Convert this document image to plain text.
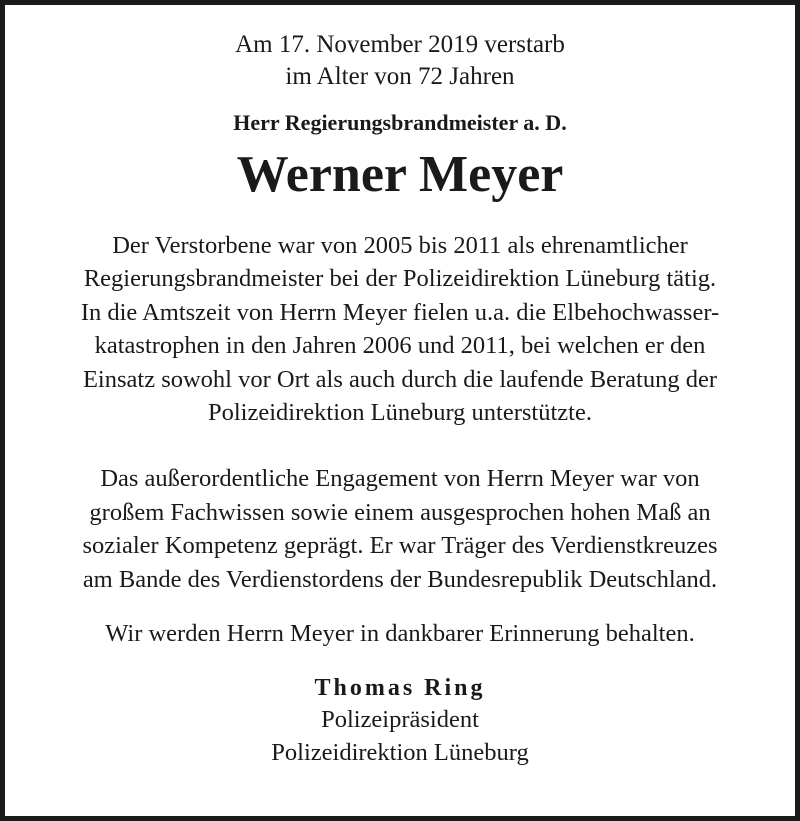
Am 17. November 2019 verstarb
im Alter von 72 Jahren
Herr Regierungsbrandmeister a. D.
Werner Meyer
Der Verstorbene war von 2005 bis 2011 als ehrenamtlicher
Regierungsbrandmeister bei der Polizeidirektion Lüneburg tätig.
In die Amtszeit von Herrn Meyer fielen u.a. die Elbehochwasser-
katastrophen in den Jahren 2006 und 2011, bei welchen er den
Einsatz sowohl vor Ort als auch durch die laufende Beratung der
Polizeidirektion Lüneburg unterstützte.
Das außerordentliche Engagement von Herrn Meyer war von
großem Fachwissen sowie einem ausgesprochen hohen Maß an
sozialer Kompetenz geprägt. Er war Träger des Verdienstkreuzes
am Bande des Verdienstordens der Bundesrepublik Deutschland.
Wir werden Herrn Meyer in dankbarer Erinnerung behalten.
Thomas Ring
Polizeipräsident
Polizeidirektion Lüneburg
